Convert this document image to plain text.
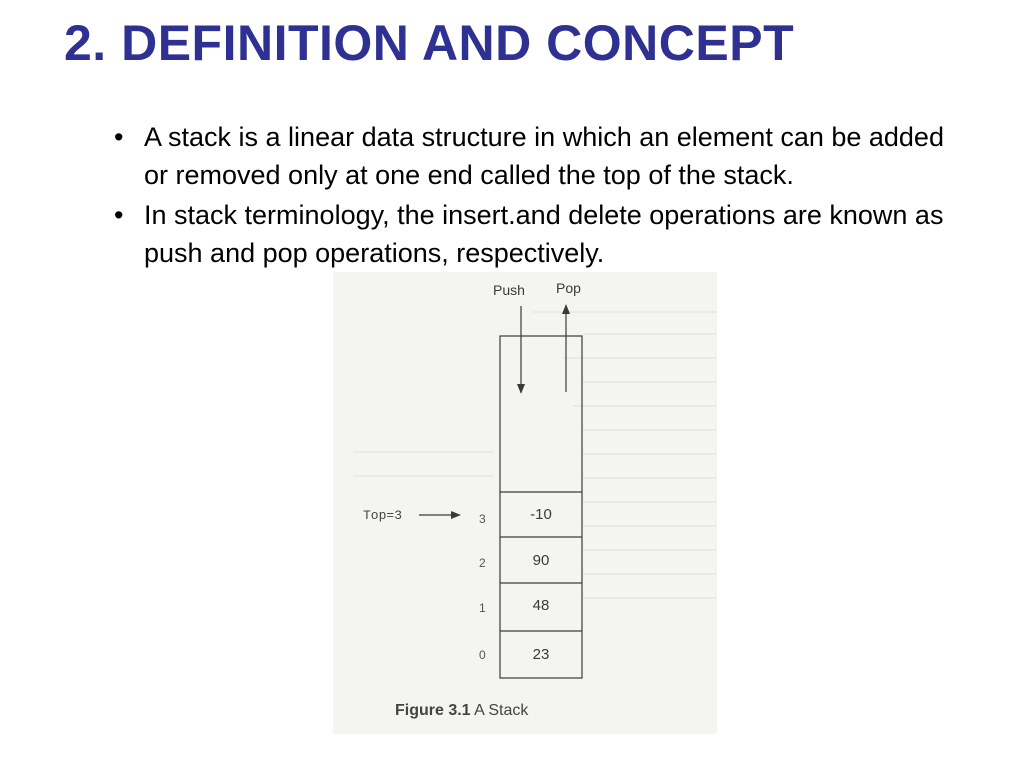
2. DEFINITION AND CONCEPT
• A stack is a linear data structure in which an element can be added or removed only at one end called the top of the stack.
• In stack terminology, the insert.and delete operations are known as push and pop operations, respectively.
Push Pop
Top=3	3
2
1
0
-10
90
48
23
Figure 3.1 A Stack
